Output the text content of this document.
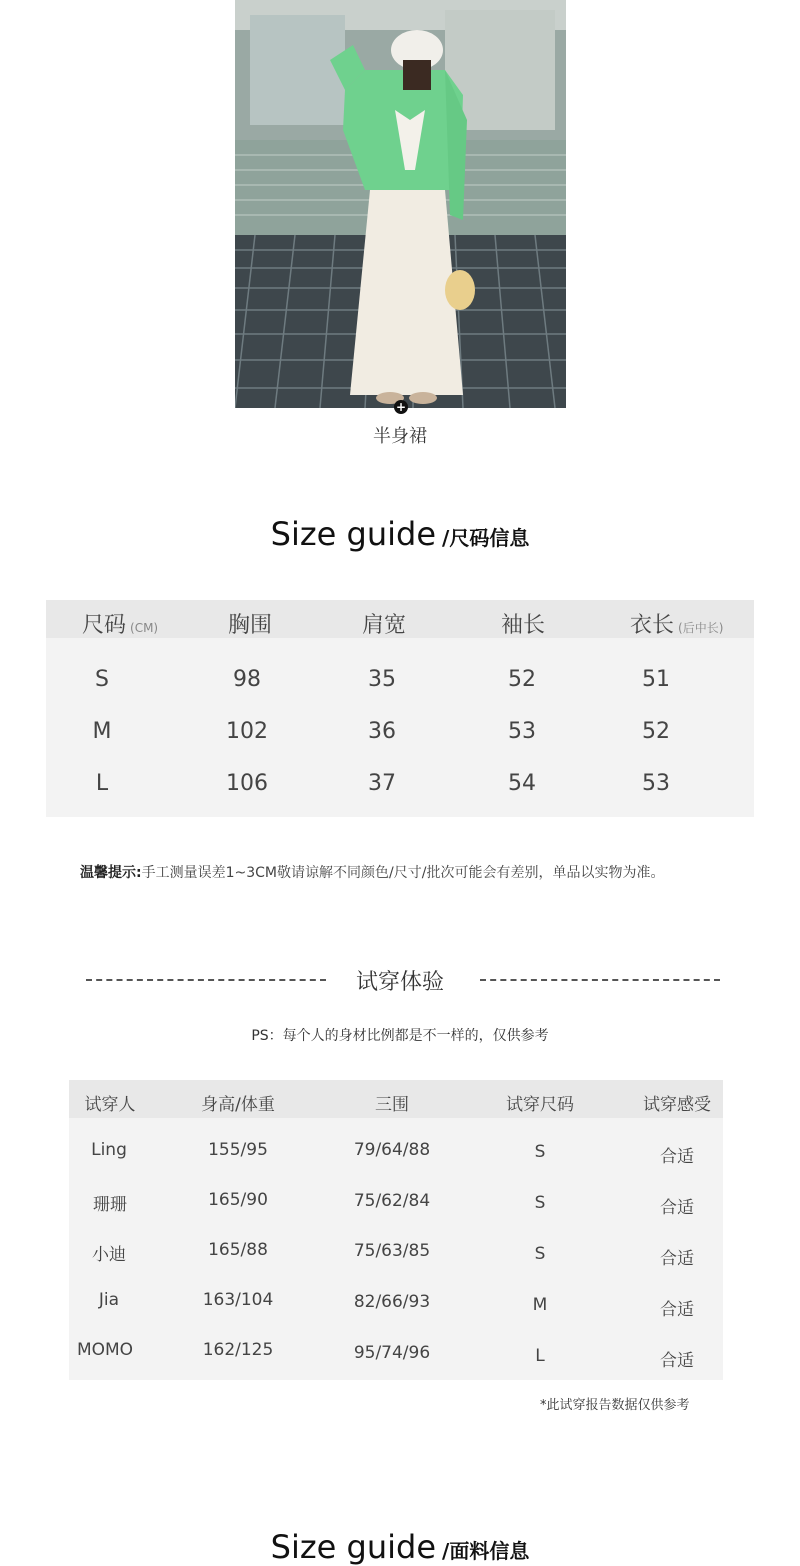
+
半身裙
Size guide /尺码信息
尺码 (CM)	胸围	肩宽	袖长	衣长 (后中长)
S	98	35	52	51
M	102	36	53	52
L	106	37	54	53
温馨提示:手工测量误差1~3CM敬请谅解不同颜色/尺寸/批次可能会有差别，单品以实物为准。
试穿体验
PS：每个人的身材比例都是不一样的，仅供参考
试穿人	身高/体重	三围	试穿尺码	试穿感受
Ling	155/95	79/64/88	S	合适
珊珊	165/90	75/62/84	S	合适
小迪	165/88	75/63/85	S	合适
Jia	163/104	82/66/93	M	合适
MOMO	162/125	95/74/96	L	合适
*此试穿报告数据仅供参考
Size guide /面料信息
